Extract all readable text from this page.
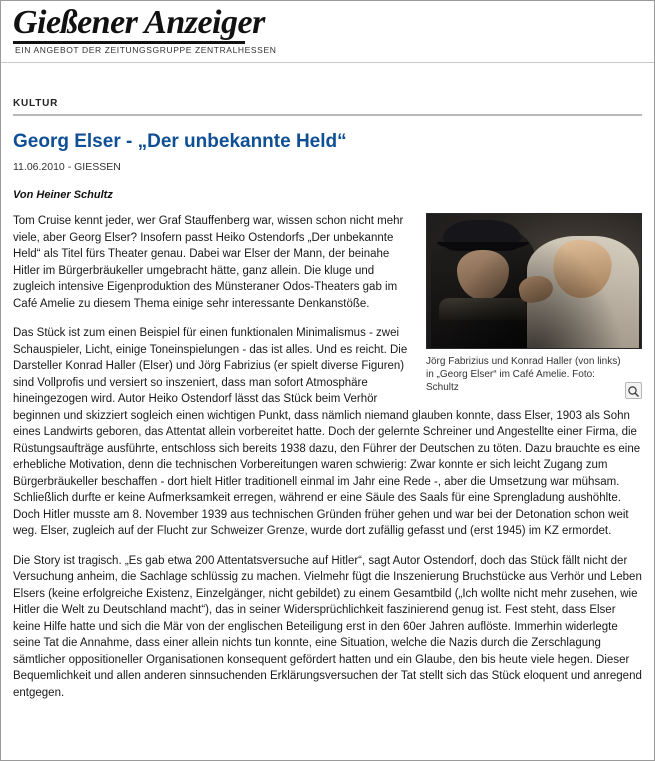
Gießener Anzeiger
EIN ANGEBOT DER ZEITUNGSGRUPPE ZENTRALHESSEN
KULTUR
Georg Elser - „Der unbekannte Held“
11.06.2010 - GIESSEN
Von Heiner Schultz
Jörg Fabrizius und Konrad Haller (von links) in „Georg Elser“ im Café Amelie. Foto: Schultz

Tom Cruise kennt jeder, wer Graf Stauffenberg war, wissen schon nicht mehr viele, aber Georg Elser? Insofern passt Heiko Ostendorfs „Der unbekannte Held“ als Titel fürs Theater genau. Dabei war Elser der Mann, der beinahe Hitler im Bürgerbräukeller umgebracht hätte, ganz allein. Die kluge und zugleich intensive Eigenproduktion des Münsteraner Odos-Theaters gab im Café Amelie zu diesem Thema einige sehr interessante Denkanstöße.

Das Stück ist zum einen Beispiel für einen funktionalen Minimalismus - zwei Schauspieler, Licht, einige Toneinspielungen - das ist alles. Und es reicht. Die Darsteller Konrad Haller (Elser) und Jörg Fabrizius (er spielt diverse Figuren) sind Vollprofis und versiert so inszeniert, dass man sofort Atmosphäre hineingezogen wird. Autor Heiko Ostendorf lässt das Stück beim Verhör beginnen und skizziert sogleich einen wichtigen Punkt, dass nämlich niemand glauben konnte, dass Elser, 1903 als Sohn eines Landwirts geboren, das Attentat allein vorbereitet hatte. Doch der gelernte Schreiner und Angestellte einer Firma, die Rüstungsaufträge ausführte, entschloss sich bereits 1938 dazu, den Führer der Deutschen zu töten. Dazu brauchte es eine erhebliche Motivation, denn die technischen Vorbereitungen waren schwierig: Zwar konnte er sich leicht Zugang zum Bürgerbräukeller beschaffen - dort hielt Hitler traditionell einmal im Jahr eine Rede -, aber die Umsetzung war mühsam. Schließlich durfte er keine Aufmerksamkeit erregen, während er eine Säule des Saals für eine Sprengladung aushöhlte. Doch Hitler musste am 8. November 1939 aus technischen Gründen früher gehen und war bei der Detonation schon weit weg. Elser, zugleich auf der Flucht zur Schweizer Grenze, wurde dort zufällig gefasst und (erst 1945) im KZ ermordet.

Die Story ist tragisch. „Es gab etwa 200 Attentatsversuche auf Hitler“, sagt Autor Ostendorf, doch das Stück fällt nicht der Versuchung anheim, die Sachlage schlüssig zu machen. Vielmehr fügt die Inszenierung Bruchstücke aus Verhör und Leben Elsers (keine erfolgreiche Existenz, Einzelgänger, nicht gebildet) zu einem Gesamtbild („Ich wollte nicht mehr zusehen, wie Hitler die Welt zu Deutschland macht“), das in seiner Widersprüchlichkeit faszinierend genug ist. Fest steht, dass Elser keine Hilfe hatte und sich die Mär von der englischen Beteiligung erst in den 60er Jahren auflöste. Immerhin widerlegte seine Tat die Annahme, dass einer allein nichts tun konnte, eine Situation, welche die Nazis durch die Zerschlagung sämtlicher oppositioneller Organisationen konsequent gefördert hatten und ein Glaube, den bis heute viele hegen. Dieser Bequemlichkeit und allen anderen sinnsuchenden Erklärungsversuchen der Tat stellt sich das Stück eloquent und anregend entgegen.
